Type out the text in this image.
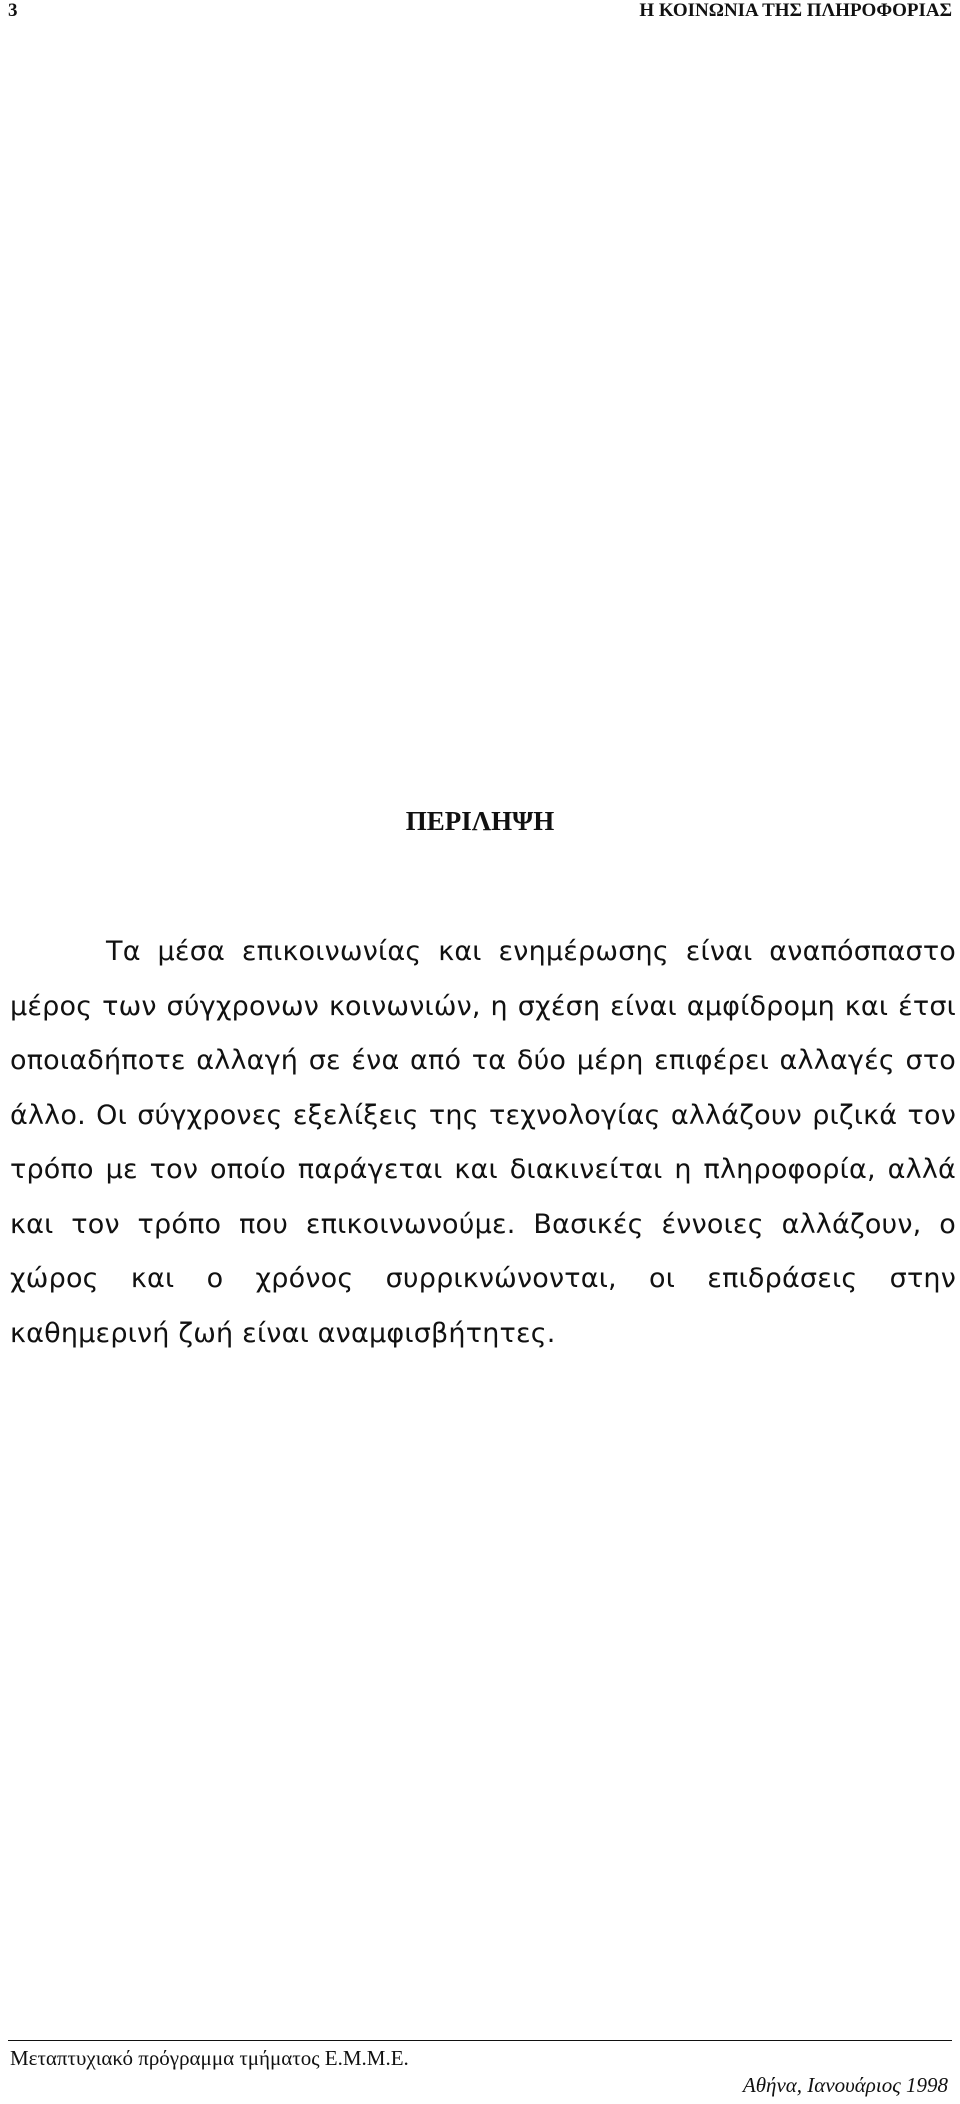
3	Η ΚΟΙΝΩΝΙΑ ΤΗΣ ΠΛΗΡΟΦΟΡΙΑΣ
ΠΕΡΙΛΗΨΗ

Τα μέσα επικοινωνίας και ενημέρωσης είναι αναπόσπαστο μέρος των σύγχρονων κοινωνιών, η σχέση είναι αμφίδρομη και έτσι οποιαδήποτε αλλαγή σε ένα από τα δύο μέρη επιφέρει αλλαγές στο άλλο. Οι σύγχρονες εξελίξεις της τεχνολογίας αλλάζουν ριζικά τον τρόπο με τον οποίο παράγεται και διακινείται η πληροφορία, αλλά και τον τρόπο που επικοινωνούμε. Βασικές έννοιες αλλάζουν, ο χώρος και ο χρόνος συρρικνώνονται, οι επιδράσεις στην καθημερινή ζωή είναι αναμφισβήτητες.

Μεταπτυχιακό πρόγραμμα τμήματος Ε.Μ.Μ.Ε.
Αθήνα, Ιανουάριος 1998
